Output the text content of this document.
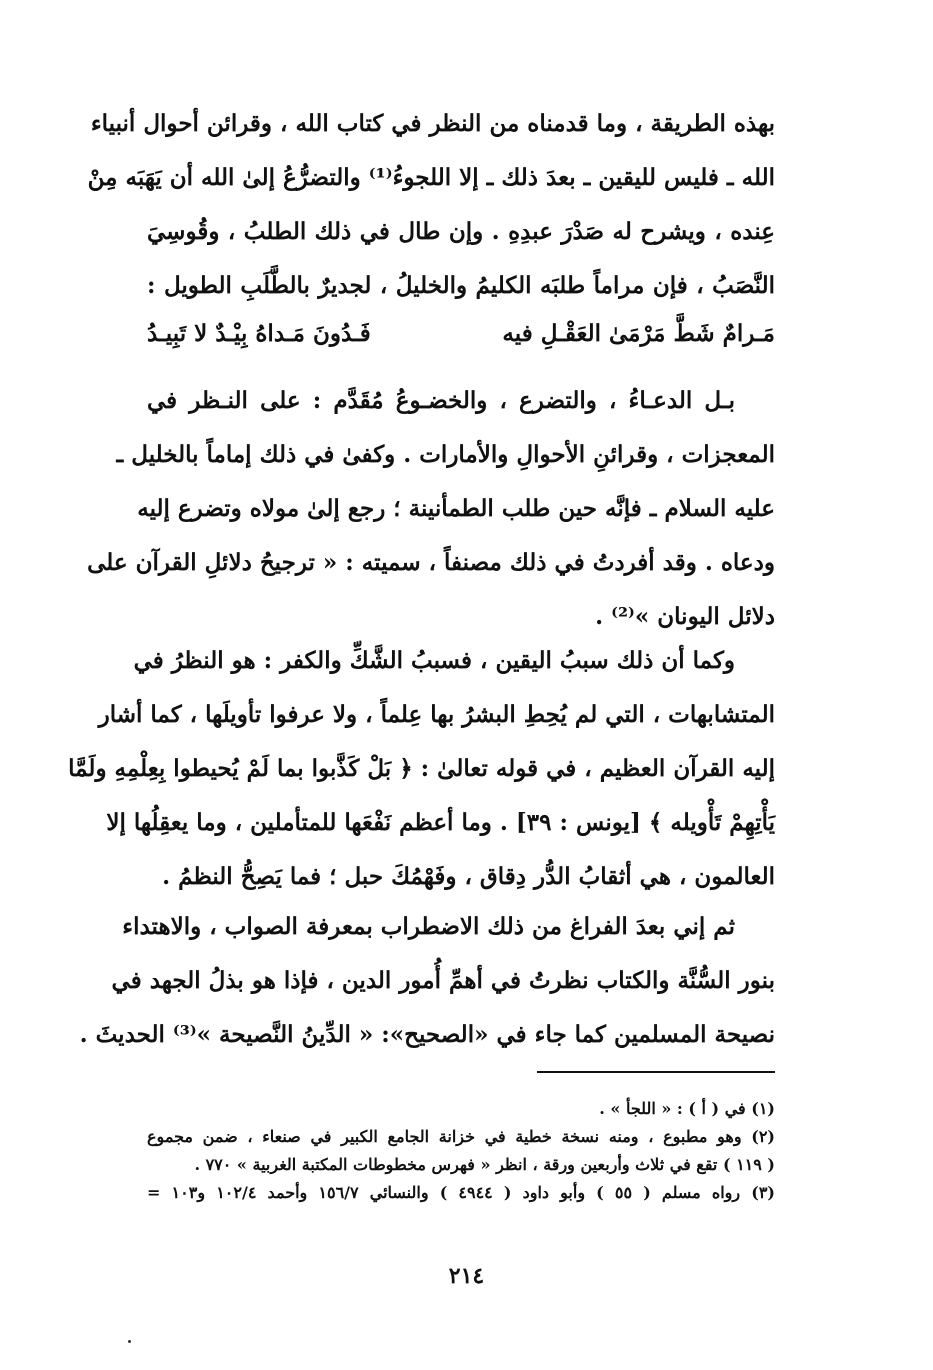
بهذه الطريقة ، وما قدمناه من النظر في كتاب الله ، وقرائن أحوال أنبياء
الله ـ فليس لليقين ـ بعدَ ذلك ـ إلا اللجوءُ⁽¹⁾ والتضرُّعُ إلىٰ الله أن يَهَبَه مِنْ
عِنده ، ويشرح له صَدْرَ عبدِهِ . وإن طال في ذلك الطلبُ ، وقُوسِيَ
النَّصَبُ ، فإن مراماً طلبَه الكليمُ والخليلُ ، لجديرٌ بالطَّلَبِ الطويل :
مَـرامٌ شَطَّ مَرْمَىٰ العَقْـلِ فيه
فَـدُونَ مَـداهُ بِيْـدٌ لا تَبِيـدُ
بـل الدعـاءُ ، والتضرع ، والخضـوعُ مُقَدَّم : على النـظر في
المعجزات ، وقرائنِ الأحوالِ والأمارات . وكفىٰ في ذلك إماماً بالخليل ـ
عليه السلام ـ فإنَّه حين طلب الطمأنينة ؛ رجع إلىٰ مولاه وتضرع إليه
ودعاه . وقد أفردتُ في ذلك مصنفاً ، سميته : « ترجيحُ دلائلِ القرآن على
دلائل اليونان »⁽²⁾ .
وكما أن ذلك سببُ اليقين ، فسببُ الشَّكِّ والكفر : هو النظرُ في
المتشابهات ، التي لم يُحِطِ البشرُ بها عِلماً ، ولا عرفوا تأويلَها ، كما أشار
إليه القرآن العظيم ، في قوله تعالىٰ : ﴿ بَلْ كَذَّبوا بما لَمْ يُحيطوا بِعِلْمِهِ ولَمَّا
يَأْتِهِمْ تَأْويله ﴾ [يونس : ٣٩] . وما أعظم نَفْعَها للمتأملين ، وما يعقِلُها إلا
العالمون ، هي أثقابُ الدُّر دِقاق ، وفَهْمُكَ حبل ؛ فما يَصِحُّ النظمُ .
ثم إني بعدَ الفراغ من ذلك الاضطراب بمعرفة الصواب ، والاهتداء
بنور السُّنَّة والكتاب نظرتُ في أهمِّ أُمور الدين ، فإذا هو بذلُ الجهد في
نصيحة المسلمين كما جاء في «الصحيح»: « الدِّينُ النَّصيحة »⁽³⁾ الحديثَ .
(١) في ( أ ) : « اللجأ » .
(٢) وهو مطبوع ، ومنه نسخة خطية في خزانة الجامع الكبير في صنعاء ، ضمن مجموع
( ١١٩ ) تقع في ثلاث وأربعين ورقة ، انظر « فهرس مخطوطات المكتبة الغربية » ٧٧٠ .
(٣) رواه مسلم ( ٥٥ ) وأبو داود ( ٤٩٤٤ ) والنسائي ١٥٦/٧ وأحمد ١٠٢/٤ و١٠٣ =
٢١٤
